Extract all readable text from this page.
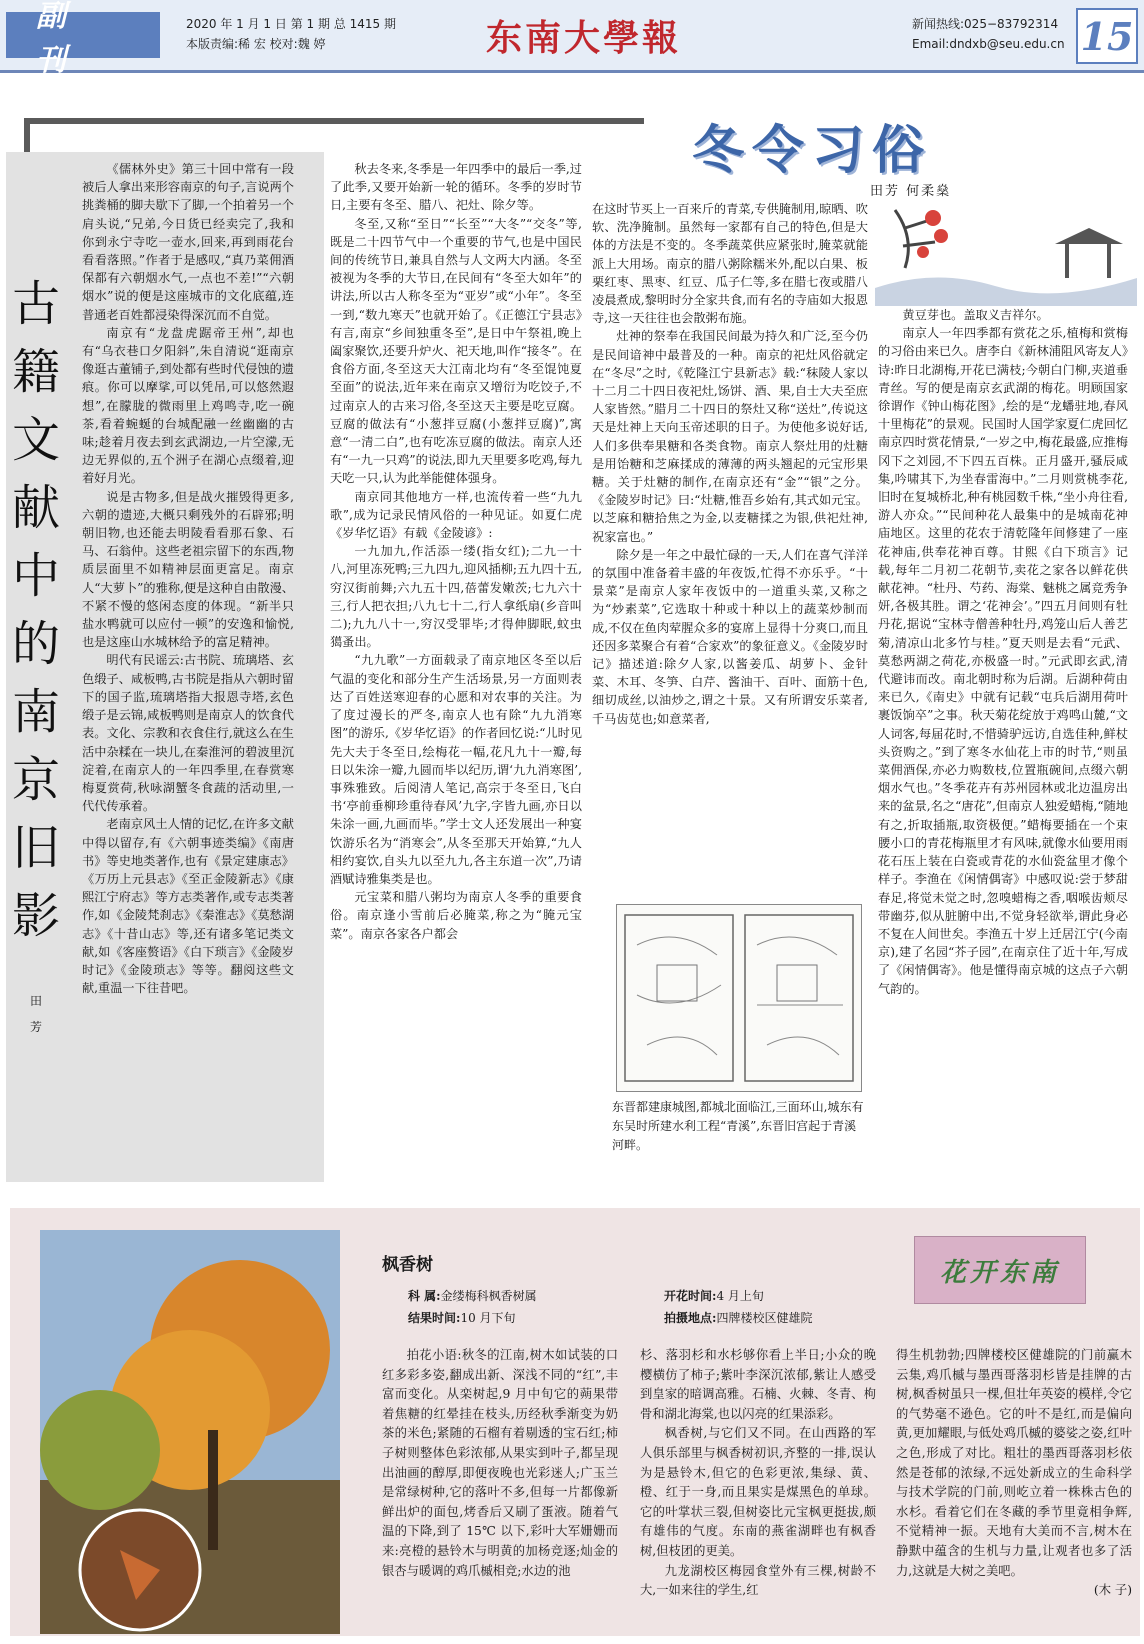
副刊
2020 年 1 月 1 日 第 1 期 总 1415 期
本版责编:稀 宏 校对:魏 婷	东南大學報	新闻热线:025−83792314
Email:dndxb@seu.edu.cn 15
古籍文献中的南京旧影
田 芳

《儒林外史》第三十回中常有一段被后人拿出来形容南京的句子,言说两个挑粪桶的脚夫歇下了脚,一个拍着另一个肩头说,“兄弟,今日货已经卖完了,我和你到永宁寺吃一壶水,回来,再到雨花台看看落照。”作者于是感叹,“真乃菜佣酒保都有六朝烟水气,一点也不差!”“六朝烟水”说的便是这座城市的文化底蕴,连普通老百姓都浸染得深沉而不自觉。

南京有“龙盘虎踞帝王州”,却也有“乌衣巷口夕阳斜”,朱自清说“逛南京像逛古董铺子,到处都有些时代侵蚀的遗痕。你可以摩挲,可以凭吊,可以悠然遐想”,在朦胧的微雨里上鸡鸣寺,吃一碗茶,看着蜿蜒的台城配融一丝幽幽的古味;趁着月夜去到玄武湖边,一片空濛,无边无界似的,五个洲子在湖心点缀着,迎着好月光。

说是古物多,但是战火摧毁得更多,六朝的遗迹,大概只剩残外的石辟邪;明朝旧物,也还能去明陵看看那石象、石马、石翁仲。这些老祖宗留下的东西,物质层面里不如精神层面更富足。南京人“大萝卜”的雅称,便是这种自由散漫、不紧不慢的悠闲态度的体现。“新半只盐水鸭就可以应付一顿”的安逸和愉悦,也是这座山水城林给予的富足精神。

明代有民谣云:古书院、琉璃塔、玄色缎子、咸板鸭,古书院是指从六朝时留下的国子监,琉璃塔指大报恩寺塔,玄色缎子是云锦,咸板鸭则是南京人的饮食代表。文化、宗教和衣食住行,就这么在生活中杂糅在一块儿,在秦淮河的碧波里沉淀着,在南京人的一年四季里,在春赏寒梅夏赏荷,秋咏湖蟹冬食蔬的活动里,一代代传承着。

老南京风土人情的记忆,在许多文献中得以留存,有《六朝事迹类编》《南唐书》等史地类著作,也有《景定建康志》《万历上元县志》《至正金陵新志》《康熙江宁府志》等方志类著作,或专志类著作,如《金陵梵刹志》《秦淮志》《莫愁湖志》《十昔山志》等,还有诸多笔记类文献,如《客座赘语》《白下琐言》《金陵岁时记》《金陵琐志》等等。翻阅这些文献,重温一下往昔吧。

冬令习俗
田芳 何柔燊

秋去冬来,冬季是一年四季中的最后一季,过了此季,又要开始新一轮的循环。冬季的岁时节日,主要有冬至、腊八、祀灶、除夕等。

冬至,又称“至日”“长至”“大冬”“交冬”等,既是二十四节气中一个重要的节气,也是中国民间的传统节日,兼具自然与人文两大内涵。冬至被视为冬季的大节日,在民间有“冬至大如年”的讲法,所以古人称冬至为“亚岁”或“小年”。冬至一到,“数九寒天”也就开始了。《正德江宁县志》有言,南京“乡间独重冬至”,是日中午祭祖,晚上阖家聚饮,还要升炉火、祀天地,叫作“接冬”。在食俗方面,冬至这天大江南北均有“冬至馄饨夏至面”的说法,近年来在南京又增衍为吃饺子,不过南京人的古来习俗,冬至这天主要是吃豆腐。豆腐的做法有“小葱拌豆腐(小葱拌豆腐)”,寓意“一清二白”,也有吃冻豆腐的做法。南京人还有“一九一只鸡”的说法,即九天里要多吃鸡,每九天吃一只,认为此举能健体强身。

南京同其他地方一样,也流传着一些“九九歌”,成为记录民情风俗的一种见证。如夏仁虎《岁华忆语》有载《金陵谚》:

一九加九,作活添一缕(指女红);二九一十八,河里冻死鸭;三九四九,迎风插柳;五九四十五,穷汉街前舞;六九五十四,蓓蕾发嫩茨;七九六十三,行人把衣担;八九七十二,行人拿纸扇(乡音叫二);九九八十一,穷汉受罪毕;才得伸脚眠,蚊虫獦蚤出。

“九九歌”一方面载录了南京地区冬至以后气温的变化和部分生产生活场景,另一方面则表达了百姓送寒迎春的心愿和对农事的关注。为了度过漫长的严冬,南京人也有除“九九消寒图”的游乐,《岁华忆语》的作者回忆说:“儿时见先大夫于冬至日,绘梅花一幅,花凡九十一瓣,每日以朱涂一瓣,九圆而毕以纪历,谓‘九九消寒图’,事殊雅致。后阅清人笔记,高宗于冬至日,飞白书‘亭前垂柳珍重待春风’九字,字皆九画,亦日以朱涂一画,九画而毕。”学士文人还发展出一种宴饮游乐名为“消寒会”,从冬至那天开始算,“九人相约宴饮,自头九以至九九,各主东道一次”,乃请酒赋诗雅集类是也。

元宝菜和腊八粥均为南京人冬季的重要食俗。南京逢小雪前后必腌菜,称之为“腌元宝菜”。南京各家各户都会

在这时节买上一百来斤的青菜,专供腌制用,晾晒、吹软、洗净腌制。虽然每一家都有自己的特色,但是大体的方法是不变的。冬季蔬菜供应紧张时,腌菜就能派上大用场。南京的腊八粥除糯米外,配以白果、板栗红枣、黑枣、红豆、瓜子仁等,多在腊七夜或腊八凌晨煮成,黎明时分全家共食,而有名的寺庙如大报恩寺,这一天往往也会散粥布施。

灶神的祭奉在我国民间最为持久和广泛,至今仍是民间谙神中最普及的一种。南京的祀灶风俗就定在“冬尽”之时,《乾隆江宁县新志》载:“秣陵人家以十二月二十四日夜祀灶,饧饼、酒、果,自士大夫至庶人家皆然。”腊月二十四日的祭灶又称“送灶”,传说这天是灶神上天向玉帝述职的日子。为使他多说好话,人们多供奉果糖和各类食物。南京人祭灶用的灶糖是用饴糖和芝麻揉成的薄薄的两头翘起的元宝形果糖。关于灶糖的制作,在南京还有“金”“银”之分。《金陵岁时记》曰:“灶糖,惟吾乡始有,其式如元宝。以芝麻和糖拾焦之为金,以麦糖揉之为银,供祀灶神,祝家富也。”

除夕是一年之中最忙碌的一天,人们在喜气洋洋的氛围中准备着丰盛的年夜饭,忙得不亦乐乎。“十景菜”是南京人家年夜饭中的一道重头菜,又称之为“炒素菜”,它选取十种或十种以上的蔬菜炒制而成,不仅在鱼肉荤腥众多的宴席上显得十分爽口,而且还因多菜聚合有着“合家欢”的象征意义。《金陵岁时记》描述道:除夕人家,以酱姜瓜、胡萝卜、金针菜、木耳、冬笋、白芹、酱油干、百叶、面筋十色,细切成丝,以油炒之,谓之十景。又有所谓安乐菜者,千马齿苋也;如意菜者,

东晋都建康城图,都城北面临江,三面环山,城东有东吴时所建水利工程“青溪”,东晋旧宫起于青溪河畔。

黄豆芽也。盖取义吉祥尔。

南京人一年四季都有赏花之乐,植梅和赏梅的习俗由来已久。唐李白《新林浦阻风寄友人》诗:昨日北湖梅,开花已满枝;今朝白门柳,夹道垂青丝。写的便是南京玄武湖的梅花。明顾国家徐谓作《钟山梅花图》,绘的是“龙蟠驻地,春风十里梅花”的景观。民国时人国学家夏仁虎回忆南京四时赏花情景,“一岁之中,梅花最盛,应推梅冈下之刘园,不下四五百株。正月盛开,骚辰咸集,吟啸其下,为坐春雷海中。”二月则赏桃李花,旧时在复城桥北,种有桃园数千株,“坐小舟往看,游人亦众。”“民间种花人最集中的是城南花神庙地区。这里的花农于清乾隆年间修建了一座花神庙,供奉花神百尊。甘熙《白下琐言》记载,每年二月初二花朝节,卖花之家各以鲜花供献花神。“杜丹、芍药、海棠、魅桃之属竞秀争妍,各极其胜。谓之‘花神会’。”四五月间则有牡丹花,据说“宝林寺僧善种牡丹,鸡笼山后人善艺菊,清凉山北多竹与桂。”夏天则是去看“元武、莫愁两湖之荷花,亦极盛一时。”元武即玄武,清代避讳而改。南北朝时称为后湖。后湖种荷由来已久,《南史》中就有记载“屯兵后湖用荷叶裹饭饷卒”之事。秋天菊花绽放于鸡鸣山麓,“文人词客,每届花时,不惜骑驴远访,自选佳种,鲜杖头资购之。”到了寒冬水仙花上市的时节,“则虽菜佣酒保,亦必力购数枝,位置瓶碗间,点缀六朝烟水气也。”冬季花卉有苏州园林或北边温房出来的盆景,名之“唐花”,但南京人独爱蜡梅,“随地有之,折取插瓶,取资极便。”蜡梅要插在一个束腰小口的青花梅瓶里才有风味,就像水仙要用雨花石压上装在白瓷或青花的水仙瓷盆里才像个样子。李渔在《闲情偶寄》中感叹说:尝于梦甜春足,将觉未觉之时,忽嗅蜡梅之香,咽喉齿颊尽带幽芬,似从脏腑中出,不觉身轻欲举,谓此身必不复在人间世矣。李渔五十岁上迁居江宁(今南京),建了名园“芥子园”,在南京住了近十年,写成了《闲情偶寄》。他是懂得南京城的这点子六朝气韵的。

枫香树
科 属:金缕梅科枫香树属
结果时间:10 月下旬
开花时间:4 月上旬
拍摄地点:四牌楼校区健雄院
花开东南

拍花小语:秋冬的江南,树木如试装的口红多彩多姿,翻成出新、深浅不同的“红”,丰富而变化。从栾树起,9 月中旬它的蒴果带着焦糖的红晕挂在枝头,历经秋季渐变为奶茶的米色;紧随的石榴有着剔透的宝石红;柿子树则整体色彩浓郁,从果实到叶子,都呈现出油画的醇厚,即便夜晚也光彩迷人;广玉兰是常绿树种,它的落叶不多,但每一片都像新鲜出炉的面包,烤香后又刷了蛋液。随着气温的下降,到了 15℃ 以下,彩叶大军姗姗而来:亮橙的悬铃木与明黄的加杨竞逐;灿金的银杏与暖调的鸡爪槭相竞;水边的池

杉、落羽杉和水杉够你看上半日;小众的晚樱横仿了柿子;紫叶李深沉浓郁,紫让人感受到皇家的暗调高雅。石楠、火棘、冬青、枸骨和湖北海棠,也以闪亮的红果添彩。

枫香树,与它们又不同。在山西路的军人俱乐部里与枫香树初识,齐整的一排,误认为是悬铃木,但它的色彩更浓,集绿、黄、橙、红于一身,而且果实是煤黑色的单球。它的叶掌状三裂,但树姿比元宝枫更挺拔,颇有雄伟的气度。东南的燕雀湖畔也有枫香树,但枝团的更美。

九龙湖校区梅园食堂外有三棵,树龄不大,一如来往的学生,红

得生机勃勃;四牌楼校区健雄院的门前赢木云集,鸡爪槭与墨西哥落羽杉皆是挂牌的古树,枫香树虽只一棵,但壮年英姿的模样,令它的气势毫不逊色。它的叶不是红,而是偏向黄,更加耀眼,与低处鸡爪槭的婆娑之姿,红叶之色,形成了对比。粗壮的墨西哥落羽杉依然是苍郁的浓绿,不远处新成立的生命科学与技术学院的门前,则屹立着一株株古色的水杉。看着它们在冬藏的季节里竟相争辉,不觉精神一振。天地有大美而不言,树木在静默中蕴含的生机与力量,让观者也多了活力,这就是大树之美吧。

(木 子)
